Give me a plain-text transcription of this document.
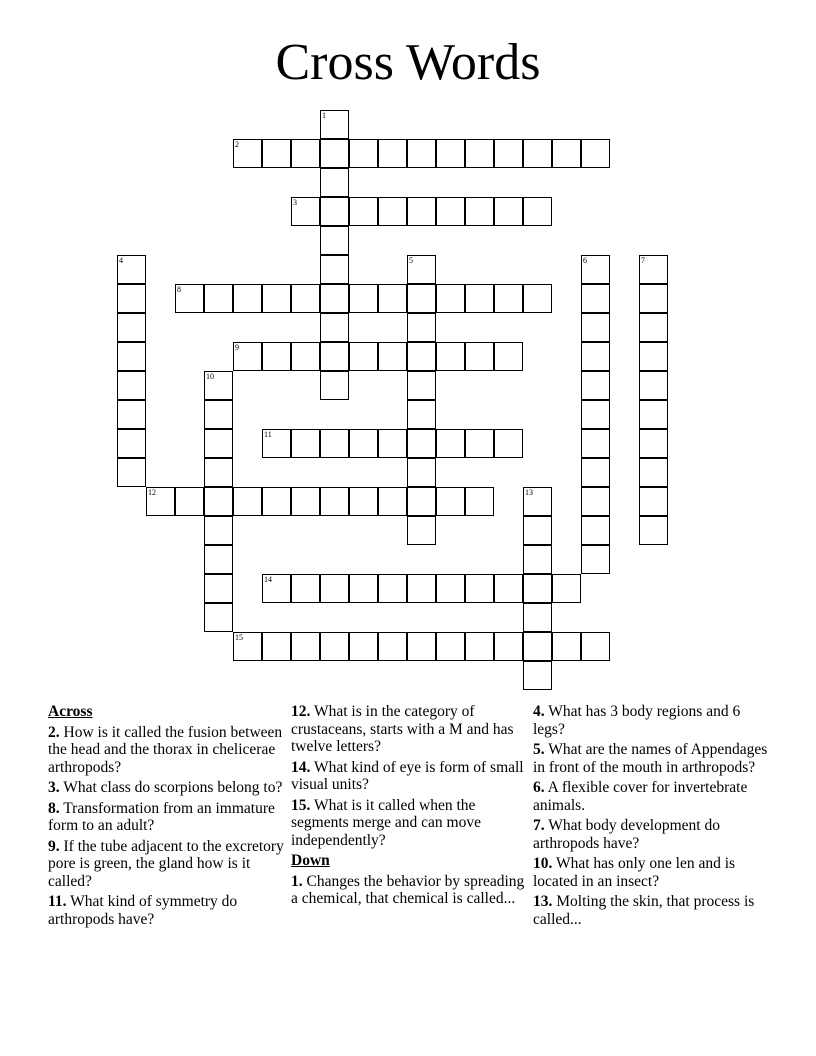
Cross Words
1
2
3
4	5	6	7
8
9
10
11
12	13
14
15
Across
2. How is it called the fusion between the head and the thorax in chelicerae arthropods?
3. What class do scorpions belong to?
8. Transformation from an immature form to an adult?
9. If the tube adjacent to the excretory pore is green, the gland how is it called?
11. What kind of symmetry do arthropods have?
12. What is in the category of crustaceans, starts with a M and has twelve letters?
14. What kind of eye is form of small visual units?
15. What is it called when the segments merge and can move independently?
Down
1. Changes the behavior by spreading a chemical, that chemical is called...
4. What has 3 body regions and 6 legs?
5. What are the names of Appendages in front of the mouth in arthropods?
6. A flexible cover for invertebrate animals.
7. What body development do arthropods have?
10. What has only one len and is located in an insect?
13. Molting the skin, that process is called...
